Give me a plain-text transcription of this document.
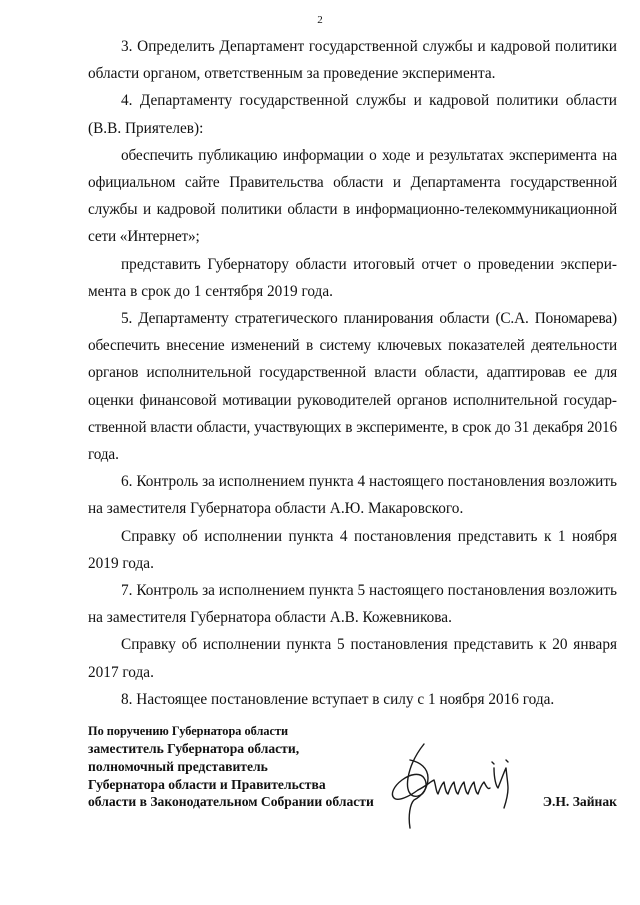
2

3. Определить Департамент государственной службы и кадровой политики области органом, ответственным за проведение эксперимента.

4. Департаменту государственной службы и кадровой политики области (В.В. Приятелев):

обеспечить публикацию информации о ходе и результатах эксперимента на официальном сайте Правительства области и Департамента государственной службы и кадровой политики области в информационно-телекоммуникационной сети «Интернет»;

представить Губернатору области итоговый отчет о проведении эксперимента в срок до 1 сентября 2019 года.

5. Департаменту стратегического планирования области (С.А. Пономарева) обеспечить внесение изменений в систему ключевых показателей деятельности органов исполнительной государственной власти области, адаптировав ее для оценки финансовой мотивации руководителей органов исполнительной государственной власти области, участвующих в эксперименте, в срок до 31 декабря 2016 года.

6. Контроль за исполнением пункта 4 настоящего постановления возложить на заместителя Губернатора области А.Ю. Макаровского.

Справку об исполнении пункта 4 постановления представить к 1 ноября 2019 года.

7. Контроль за исполнением пункта 5 настоящего постановления возложить на заместителя Губернатора области А.В. Кожевникова.

Справку об исполнении пункта 5 постановления представить к 20 января 2017 года.

8. Настоящее постановление вступает в силу с 1 ноября 2016 года.

По поручению Губернатора области
заместитель Губернатора области,
полномочный представитель
Губернатора области и Правительства
области в Законодательном Собрании области	Э.Н. Зайнак
